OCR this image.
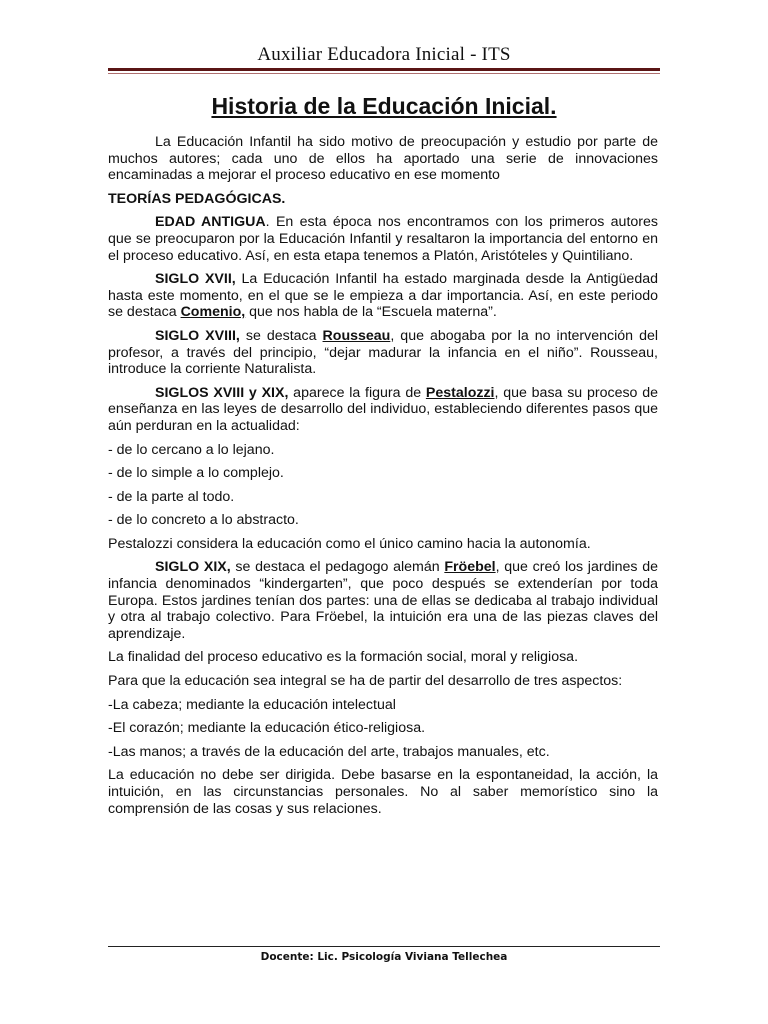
Auxiliar Educadora Inicial - ITS
Historia de la Educación Inicial.

La Educación Infantil ha sido motivo de preocupación y estudio por parte de muchos autores; cada uno de ellos ha aportado una serie de innovaciones encaminadas a mejorar el proceso educativo en ese momento

TEORÍAS PEDAGÓGICAS.

EDAD ANTIGUA. En esta época nos encontramos con los primeros autores que se preocuparon por la Educación Infantil y resaltaron la importancia del entorno en el proceso educativo. Así, en esta etapa tenemos a Platón, Aristóteles y Quintiliano.

SIGLO XVII, La Educación Infantil ha estado marginada desde la Antigüedad hasta este momento, en el que se le empieza a dar importancia. Así, en este periodo se destaca Comenio, que nos habla de la “Escuela materna”.

SIGLO XVIII, se destaca Rousseau, que abogaba por la no intervención del profesor, a través del principio, “dejar madurar la infancia en el niño”. Rousseau, introduce la corriente Naturalista.

SIGLOS XVIII y XIX, aparece la figura de Pestalozzi, que basa su proceso de enseñanza en las leyes de desarrollo del individuo, estableciendo diferentes pasos que aún perduran en la actualidad:

- de lo cercano a lo lejano.

- de lo simple a lo complejo.

- de la parte al todo.

- de lo concreto a lo abstracto.

Pestalozzi considera la educación como el único camino hacia la autonomía.

SIGLO XIX, se destaca el pedagogo alemán Fröebel, que creó los jardines de infancia denominados “kindergarten”, que poco después se extenderían por toda Europa. Estos jardines tenían dos partes: una de ellas se dedicaba al trabajo individual y otra al trabajo colectivo. Para Fröebel, la intuición era una de las piezas claves del aprendizaje.

La finalidad del proceso educativo es la formación social, moral y religiosa.

Para que la educación sea integral se ha de partir del desarrollo de tres aspectos:

-La cabeza; mediante la educación intelectual

-El corazón; mediante la educación ético-religiosa.

-Las manos; a través de la educación del arte, trabajos manuales, etc.

La educación no debe ser dirigida. Debe basarse en la espontaneidad, la acción, la intuición, en las circunstancias personales. No al saber memorístico sino la comprensión de las cosas y sus relaciones.

Docente: Lic. Psicología Viviana Tellechea
